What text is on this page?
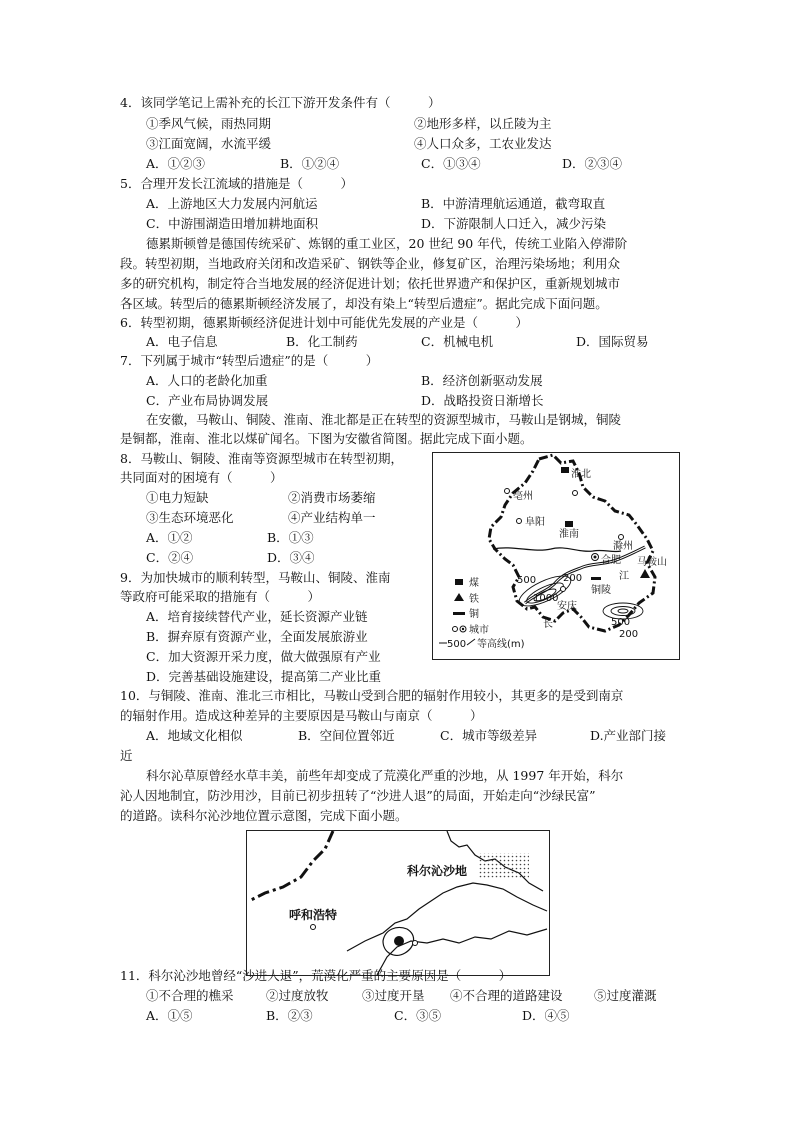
4．该同学笔记上需补充的长江下游开发条件有（　　　）
①季风气候，雨热同期	②地形多样，以丘陵为主
③江面宽阔，水流平缓	④人口众多，工农业发达
A．①②③	B．①②④	C．①③④	D．②③④
5．合理开发长江流域的措施是（　　　）
A．上游地区大力发展内河航运	B．中游清理航运通道，截弯取直
C．中游围湖造田增加耕地面积	D．下游限制人口迁入，减少污染
德累斯顿曾是德国传统采矿、炼钢的重工业区，20 世纪 90 年代，传统工业陷入停滞阶
段。转型初期，当地政府关闭和改造采矿、钢铁等企业，修复矿区，治理污染场地；利用众
多的研究机构，制定符合当地发展的经济促进计划；依托世界遗产和保护区，重新规划城市
各区域。转型后的德累斯顿经济发展了，却没有染上“转型后遗症”。据此完成下面问题。
6．转型初期，德累斯顿经济促进计划中可能优先发展的产业是（　　　）
A．电子信息	B．化工制药	C．机械电机	D．国际贸易
7．下列属于城市“转型后遗症”的是（　　　）
A．人口的老龄化加重	B．经济创新驱动发展
C．产业布局协调发展	D．战略投资日渐增长
在安徽，马鞍山、铜陵、淮南、淮北都是正在转型的资源型城市，马鞍山是钢城，铜陵
是铜都，淮南、淮北以煤矿闻名。下图为安徽省简图。据此完成下面小题。
8．马鞍山、铜陵、淮南等资源型城市在转型初期，
共同面对的困境有（　　　）
①电力短缺	②消费市场萎缩
③生态环境恶化	④产业结构单一
A．①②	B．①③
C．②④	D．③④
9．为加快城市的顺利转型，马鞍山、铜陵、淮南
等政府可能采取的措施有（　　　）
A．培育接续替代产业，延长资源产业链
B．摒弃原有资源产业，全面发展旅游业
C．加大资源开采力度，做大做强原有产业
D．完善基础设施建设，提高第二产业比重
淮北
亳州
阜阳
淮南
滁州
马鞍山
合肥
江
铜陵
安庆
长
500	200
1000
500
200
煤
铁
铜
城市
500 等高线(m)
10．与铜陵、淮南、淮北三市相比，马鞍山受到合肥的辐射作用较小，其更多的是受到南京
的辐射作用。造成这种差异的主要原因是马鞍山与南京（　　　）
A．地域文化相似	B．空间位置邻近	C．城市等级差异	D.产业部门接
近
科尔沁草原曾经水草丰美，前些年却变成了荒漠化严重的沙地，从 1997 年开始，科尔
沁人因地制宜，防沙用沙，目前已初步扭转了“沙进人退”的局面，开始走向“沙绿民富”
的道路。读科尔沁沙地位置示意图，完成下面小题。
科尔沁沙地
呼和浩特
11．科尔沁沙地曾经“沙进人退”，荒漠化严重的主要原因是（　　　）
①不合理的樵采	②过度放牧	③过度开垦 ④不合理的道路建设	⑤过度灌溉
A．①⑤	B．②③	C．③⑤	D．④⑤
